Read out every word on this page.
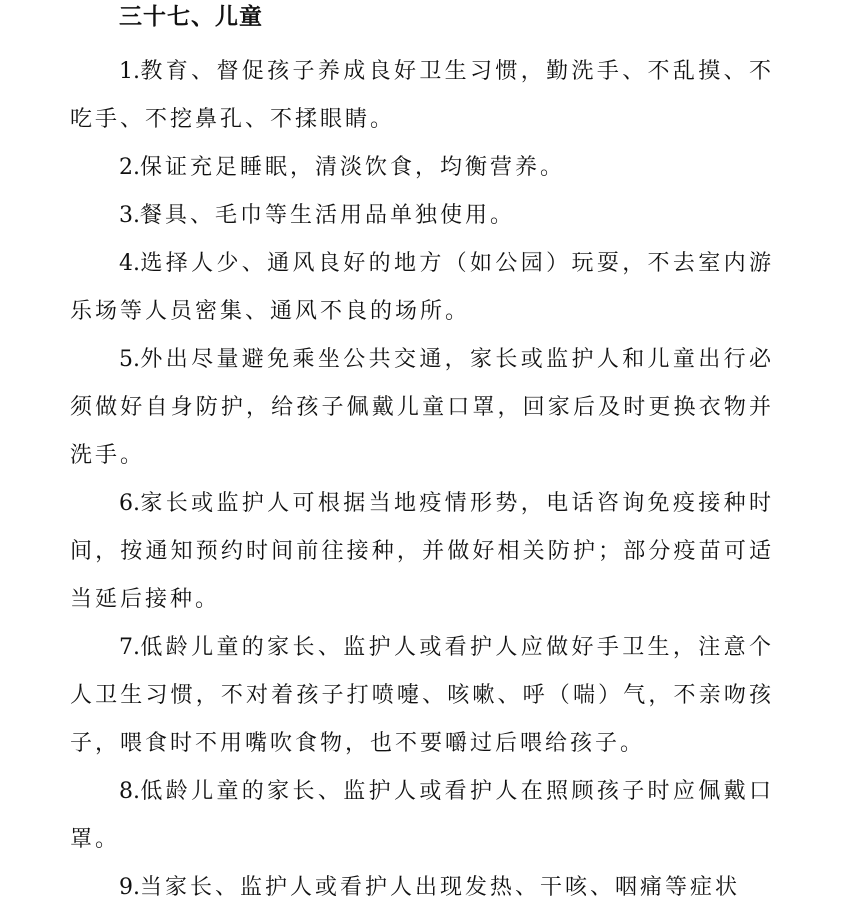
三十七、儿童

1.教育、督促孩子养成良好卫生习惯，勤洗手、不乱摸、不吃手、不挖鼻孔、不揉眼睛。

2.保证充足睡眠，清淡饮食，均衡营养。

3.餐具、毛巾等生活用品单独使用。

4.选择人少、通风良好的地方（如公园）玩耍，不去室内游乐场等人员密集、通风不良的场所。

5.外出尽量避免乘坐公共交通，家长或监护人和儿童出行必须做好自身防护，给孩子佩戴儿童口罩，回家后及时更换衣物并洗手。

6.家长或监护人可根据当地疫情形势，电话咨询免疫接种时间，按通知预约时间前往接种，并做好相关防护；部分疫苗可适当延后接种。

7.低龄儿童的家长、监护人或看护人应做好手卫生，注意个人卫生习惯，不对着孩子打喷嚏、咳嗽、呼（喘）气，不亲吻孩子，喂食时不用嘴吹食物，也不要嚼过后喂给孩子。

8.低龄儿童的家长、监护人或看护人在照顾孩子时应佩戴口罩。

9.当家长、监护人或看护人出现发热、干咳、咽痛等症状
